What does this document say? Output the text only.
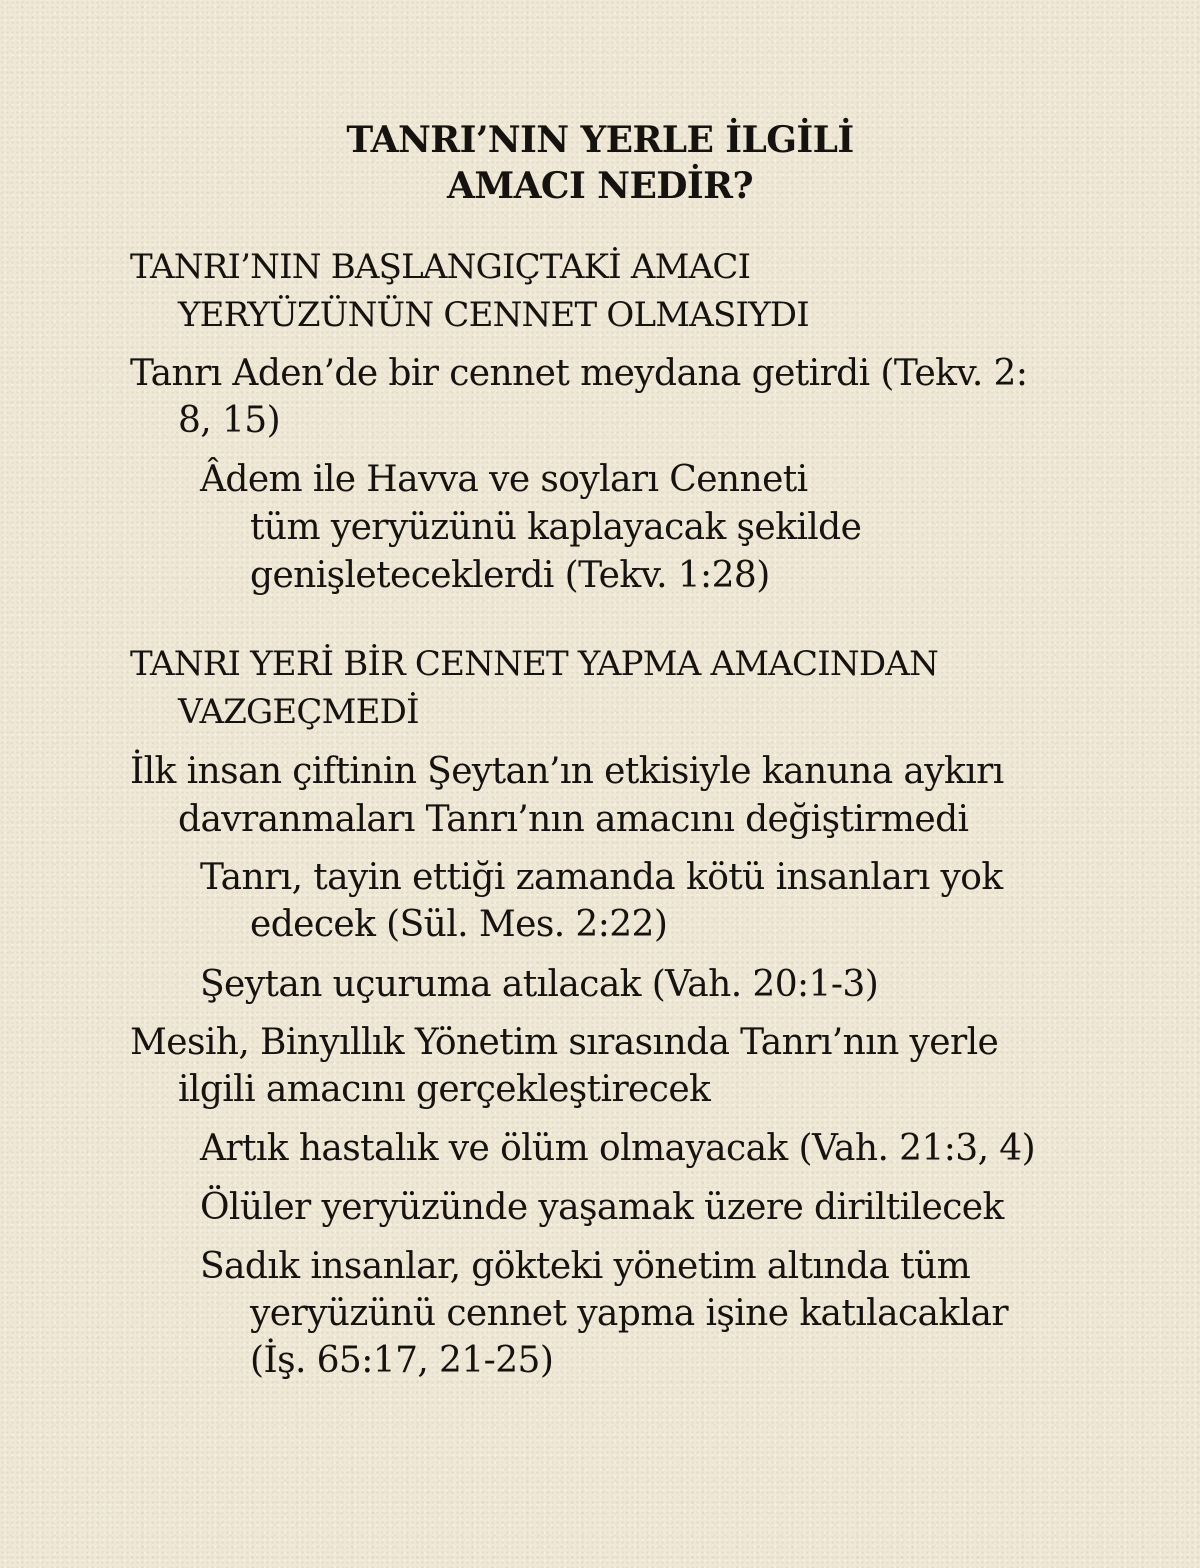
TANRI’NIN YERLE İLGİLİ
AMACI NEDİR?
TANRI’NIN BAŞLANGIÇTAKİ AMACI
YERYÜZÜNÜN CENNET OLMASIYDI
Tanrı Aden’de bir cennet meydana getirdi (Tekv. 2:
8, 15)
Âdem ile Havva ve soyları Cenneti
tüm yeryüzünü kaplayacak şekilde
genişleteceklerdi (Tekv. 1:28)
TANRI YERİ BİR CENNET YAPMA AMACINDAN
VAZGEÇMEDİ
İlk insan çiftinin Şeytan’ın etkisiyle kanuna aykırı
davranmaları Tanrı’nın amacını değiştirmedi
Tanrı, tayin ettiği zamanda kötü insanları yok
edecek (Sül. Mes. 2:22)
Şeytan uçuruma atılacak (Vah. 20:1-3)
Mesih, Binyıllık Yönetim sırasında Tanrı’nın yerle
ilgili amacını gerçekleştirecek
Artık hastalık ve ölüm olmayacak (Vah. 21:3, 4)
Ölüler yeryüzünde yaşamak üzere diriltilecek
Sadık insanlar, gökteki yönetim altında tüm
yeryüzünü cennet yapma işine katılacaklar
(İş. 65:17, 21-25)
